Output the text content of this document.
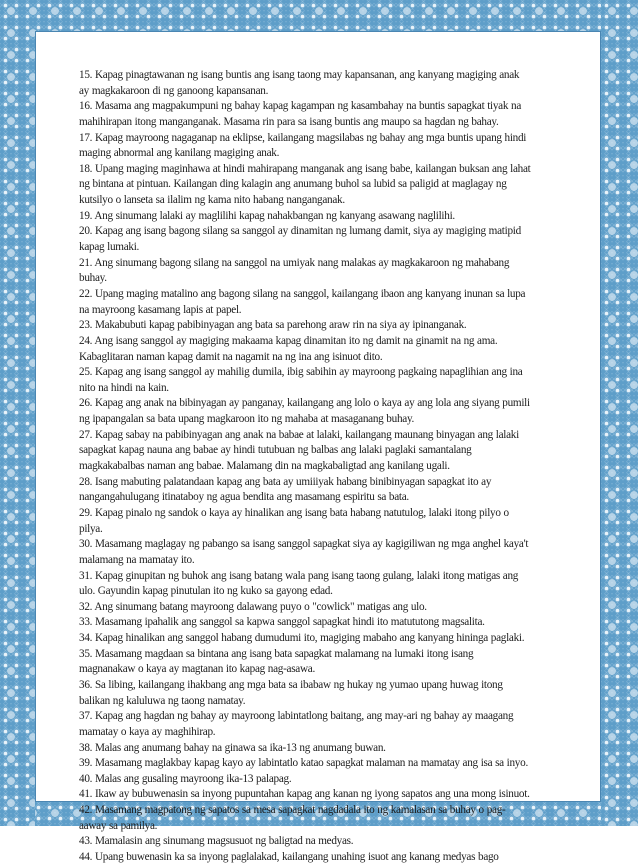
15. Kapag pinagtawanan ng isang buntis ang isang taong may kapansanan, ang kanyang magiging anak
ay magkakaroon di ng ganoong kapansanan.
16. Masama ang magpakumpuni ng bahay kapag kagampan ng kasambahay na buntis sapagkat tiyak na
mahihirapan itong manganganak. Masama rin para sa isang buntis ang maupo sa hagdan ng bahay.
17. Kapag mayroong nagaganap na eklipse, kailangang magsilabas ng bahay ang mga buntis upang hindi
maging abnormal ang kanilang magiging anak.
18. Upang maging maginhawa at hindi mahirapang manganak ang isang babe, kailangan buksan ang lahat
ng bintana at pintuan. Kailangan ding kalagin ang anumang buhol sa lubid sa paligid at maglagay ng
kutsilyo o lanseta sa ilalim ng kama nito habang nanganganak.
19. Ang sinumang lalaki ay maglilihi kapag nahakbangan ng kanyang asawang naglilihi.
20. Kapag ang isang bagong silang sa sanggol ay dinamitan ng lumang damit, siya ay magiging matipid
kapag lumaki.
21. Ang sinumang bagong silang na sanggol na umiyak nang malakas ay magkakaroon ng mahabang
buhay.
22. Upang maging matalino ang bagong silang na sanggol, kailangang ibaon ang kanyang inunan sa lupa
na mayroong kasamang lapis at papel.
23. Makabubuti kapag pabibinyagan ang bata sa parehong araw rin na siya ay ipinanganak.
24. Ang isang sanggol ay magiging makaama kapag dinamitan ito ng damit na ginamit na ng ama.
Kabaglitaran naman kapag damit na nagamit na ng ina ang isinuot dito.
25. Kapag ang isang sanggol ay mahilig dumila, ibig sabihin ay mayroong pagkaing napaglihian ang ina
nito na hindi na kain.
26. Kapag ang anak na bibinyagan ay panganay, kailangang ang lolo o kaya ay ang lola ang siyang pumili
ng ipapangalan sa bata upang magkaroon ito ng mahaba at masaganang buhay.
27. Kapag sabay na pabibinyagan ang anak na babae at lalaki, kailangang maunang binyagan ang lalaki
sapagkat kapag nauna ang babae ay hindi tutubuan ng balbas ang lalaki paglaki samantalang
magkakabalbas naman ang babae. Malamang din na magkabaligtad ang kanilang ugali.
28. Isang mabuting palatandaan kapag ang bata ay umiiiyak habang binibinyagan sapagkat ito ay
nangangahulugang itinataboy ng agua bendita ang masamang espiritu sa bata.
29. Kapag pinalo ng sandok o kaya ay hinalikan ang isang bata habang natutulog, lalaki itong pilyo o
pilya.
30. Masamang maglagay ng pabango sa isang sanggol sapagkat siya ay kagigiliwan ng mga anghel kaya't
malamang na mamatay ito.
31. Kapag ginupitan ng buhok ang isang batang wala pang isang taong gulang, lalaki itong matigas ang
ulo. Gayundin kapag pinutulan ito ng kuko sa gayong edad.
32. Ang sinumang batang mayroong dalawang puyo o "cowlick" matigas ang ulo.
33. Masamang ipahalik ang sanggol sa kapwa sanggol sapagkat hindi ito matututong magsalita.
34. Kapag hinalikan ang sanggol habang dumudumi ito, magiging mabaho ang kanyang hininga paglaki.
35. Masamang magdaan sa bintana ang isang bata sapagkat malamang na lumaki itong isang
magnanakaw o kaya ay magtanan ito kapag nag-asawa.
36. Sa libing, kailangang ihakbang ang mga bata sa ibabaw ng hukay ng yumao upang huwag itong
balikan ng kaluluwa ng taong namatay.
37. Kapag ang hagdan ng bahay ay mayroong labintatlong baitang, ang may-ari ng bahay ay maagang
mamatay o kaya ay maghihirap.
38. Malas ang anumang bahay na ginawa sa ika-13 ng anumang buwan.
39. Masamang maglakbay kapag kayo ay labintatlo katao sapagkat malaman na mamatay ang isa sa inyo.
40. Malas ang gusaling mayroong ika-13 palapag.
41. Ikaw ay bubuwenasin sa inyong pupuntahan kapag ang kanan ng iyong sapatos ang una mong isinuot.
42. Masamang magpatong ng sapatos sa mesa sapagkat nagdadala ito ng kamalasan sa buhay o pag-
aaway sa pamilya.
43. Mamalasin ang sinumang magsusuot ng baligtad na medyas.
44. Upang buwenasin ka sa inyong paglalakad, kailangang unahing isuot ang kanang medyas bago
